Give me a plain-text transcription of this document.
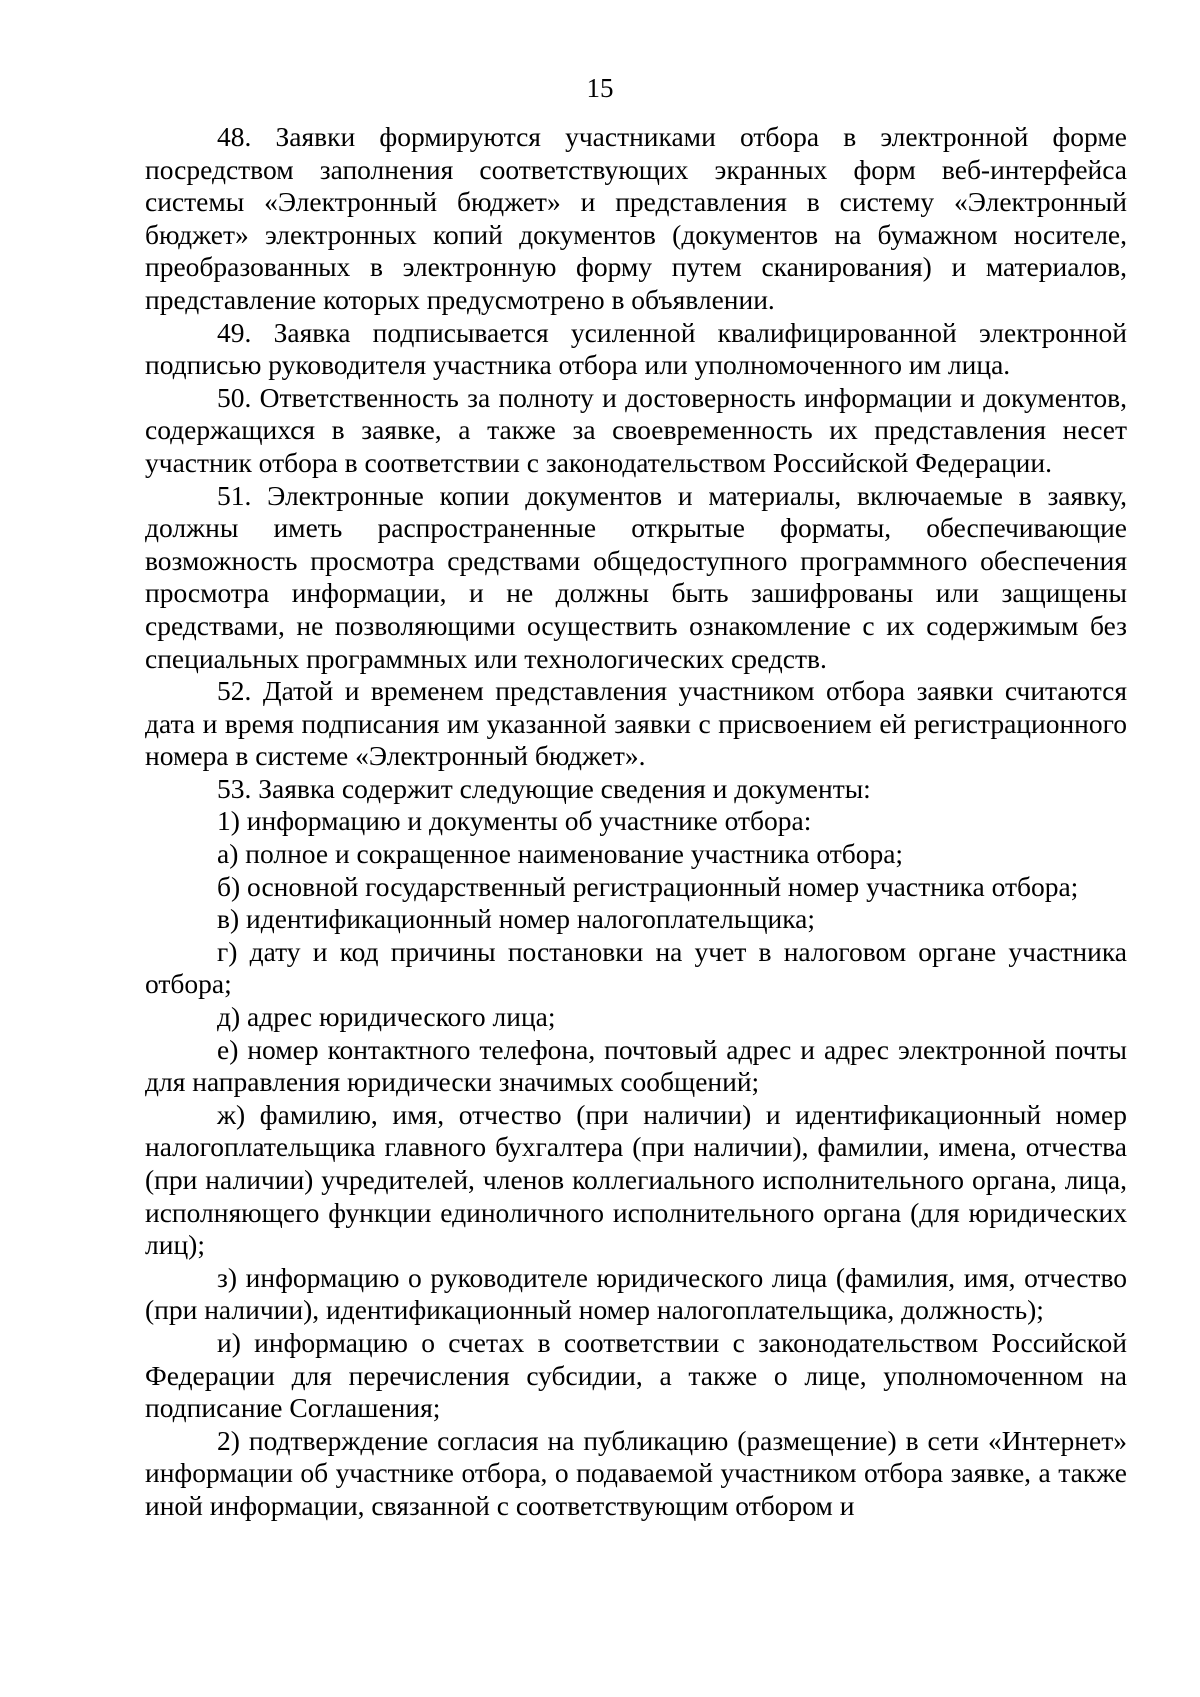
15

48. Заявки формируются участниками отбора в электронной форме посредством заполнения соответствующих экранных форм веб-интерфейса системы «Электронный бюджет» и представления в систему «Электронный бюджет» электронных копий документов (документов на бумажном носителе, преобразованных в электронную форму путем сканирования) и материалов, представление которых предусмотрено в объявлении.

49. Заявка подписывается усиленной квалифицированной электронной подписью руководителя участника отбора или уполномоченного им лица.

50. Ответственность за полноту и достоверность информации и документов, содержащихся в заявке, а также за своевременность их представления несет участник отбора в соответствии с законодательством Российской Федерации.

51. Электронные копии документов и материалы, включаемые в заявку, должны иметь распространенные открытые форматы, обеспечивающие возможность просмотра средствами общедоступного программного обеспечения просмотра информации, и не должны быть зашифрованы или защищены средствами, не позволяющими осуществить ознакомление с их содержимым без специальных программных или технологических средств.

52. Датой и временем представления участником отбора заявки считаются дата и время подписания им указанной заявки с присвоением ей регистрационного номера в системе «Электронный бюджет».

53. Заявка содержит следующие сведения и документы:

1) информацию и документы об участнике отбора:

а) полное и сокращенное наименование участника отбора;

б) основной государственный регистрационный номер участника отбора;

в) идентификационный номер налогоплательщика;

г) дату и код причины постановки на учет в налоговом органе участника отбора;

д) адрес юридического лица;

е) номер контактного телефона, почтовый адрес и адрес электронной почты для направления юридически значимых сообщений;

ж) фамилию, имя, отчество (при наличии) и идентификационный номер налогоплательщика главного бухгалтера (при наличии), фамилии, имена, отчества (при наличии) учредителей, членов коллегиального исполнительного органа, лица, исполняющего функции единоличного исполнительного органа (для юридических лиц);

з) информацию о руководителе юридического лица (фамилия, имя, отчество (при наличии), идентификационный номер налогоплательщика, должность);

и) информацию о счетах в соответствии с законодательством Российской Федерации для перечисления субсидии, а также о лице, уполномоченном на подписание Соглашения;

2) подтверждение согласия на публикацию (размещение) в сети «Интернет» информации об участнике отбора, о подаваемой участником отбора заявке, а также иной информации, связанной с соответствующим отбором и
